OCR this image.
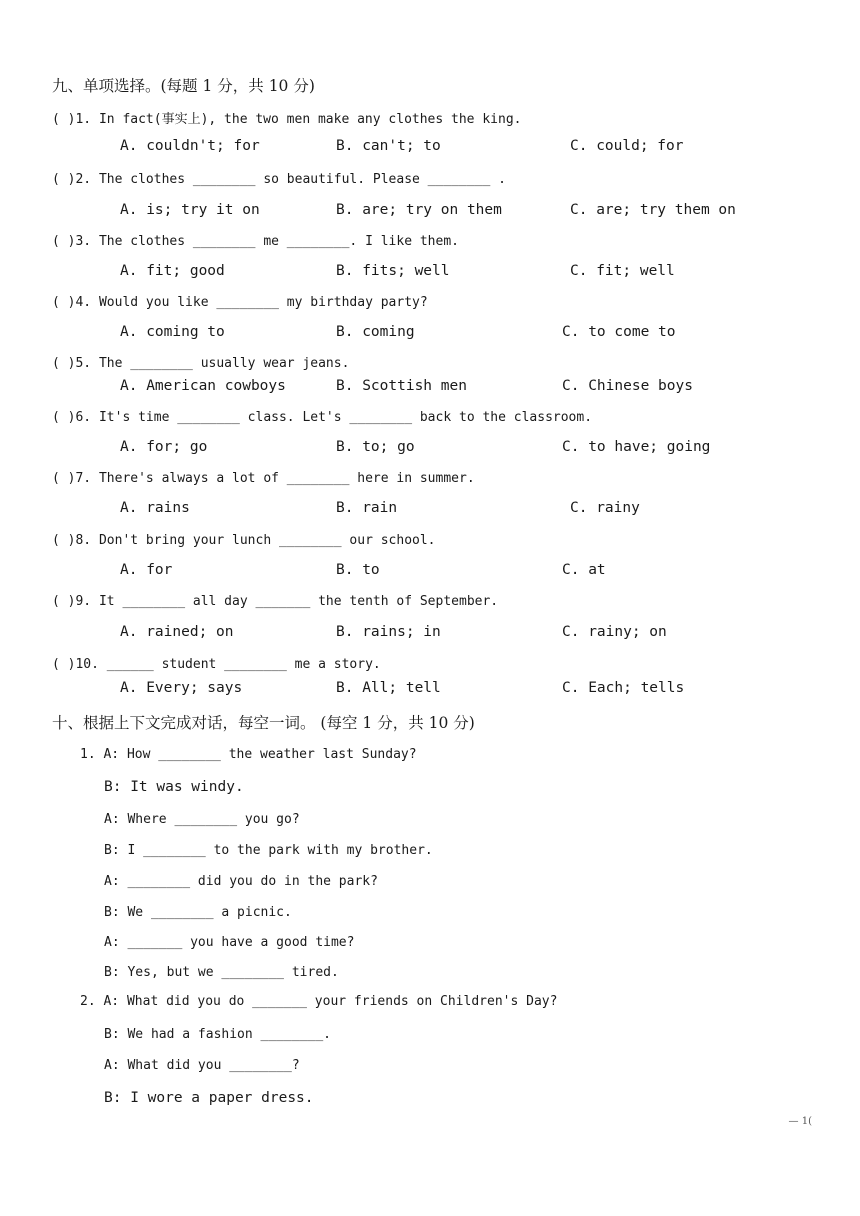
九、单项选择。(每题 1 分，共 10 分)
( )1. In fact(事实上), the two men make any clothes the king.
A. couldn't; for	B. can't; to	C. could; for
( )2. The clothes ________ so beautiful. Please ________ .
A. is; try it on	B. are; try on them	C. are; try them on
( )3. The clothes ________ me ________. I like them.
A. fit; good	B. fits; well	C. fit; well
( )4. Would you like ________ my birthday party?
A. coming to	B. coming	C. to come to
( )5. The ________ usually wear jeans.
A. American cowboys	B. Scottish men	C. Chinese boys
( )6. It's time ________ class. Let's ________ back to the classroom.
A. for; go	B. to; go	C. to have; going
( )7. There's always a lot of ________ here in summer.
A. rains	B. rain	C. rainy
( )8. Don't bring your lunch ________ our school.
A. for	B. to	C. at
( )9. It ________ all day _______ the tenth of September.
A. rained; on	B. rains; in	C. rainy; on
( )10. ______ student ________ me a story.
A. Every; says	B. All; tell	C. Each; tells
十、根据上下文完成对话，每空一词。 (每空 1 分，共 10 分)
1. A: How ________ the weather last Sunday?
B: It was windy.
A: Where ________ you go?
B: I ________ to the park with my brother.
A: ________ did you do in the park?
B: We ________ a picnic.
A: _______ you have a good time?
B: Yes, but we ________ tired.
2. A: What did you do _______ your friends on Children's Day?
B: We had a fashion ________.
A: What did you ________?
B: I wore a paper dress.
— 1(
